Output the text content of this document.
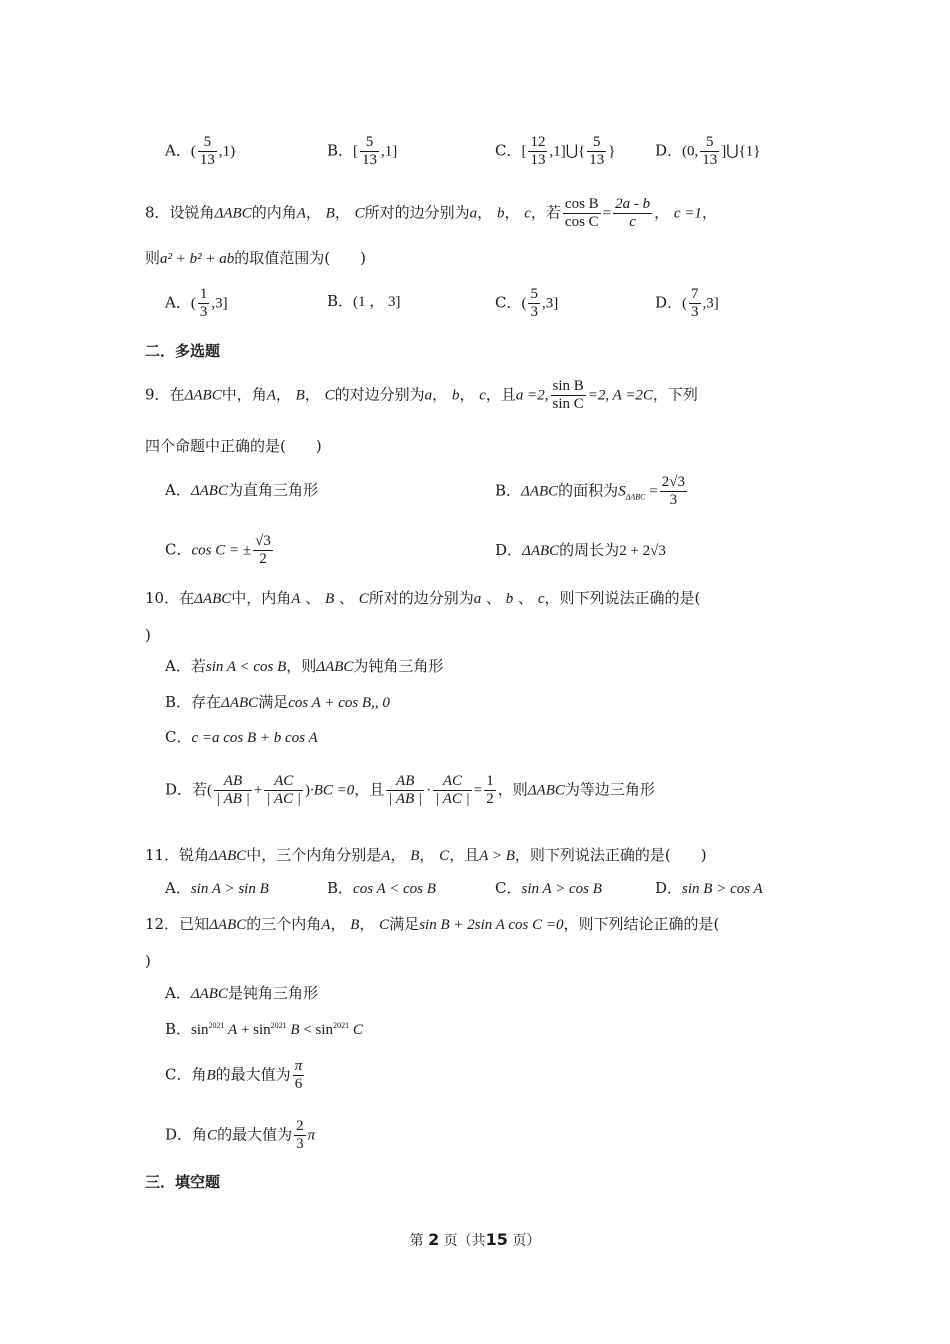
A．( $\frac{5}{13} ,1$)	B．[ $\frac{5}{13} ,1$]	C．[ $\frac{12}{13}$ ,1]⋃{ $\frac{5}{13}$ }	D．(0, $\frac{5}{13}$ ]⋃{1}
8．设锐角ΔABC的内角A， B， C所对的边分别为a， b， c，若 $\frac{\text{cos B}}{\text{cos C}} = \frac{2a - b}{c}$ ， c =1，
则a² + b² + ab的取值范围为(　　)
A．( $\frac{1}{3} ,3$]	B．(1 ， 3]	C．( $\frac{5}{3} ,3$]	D．( $\frac{7}{3} ,3$]
二．多选题
9．在ΔABC中，角A， B， C的对边分别为a， b， c，且a =2, $\frac{\text{sin B}}{\text{sin C}} =2$, A =2C，下列
四个命题中正确的是(　　)
A．ΔABC为直角三角形	B．ΔABC的面积为$S_{\Delta ABC} = \frac{2√3}{3}$
C．cos C = ± $\frac{√3}{2}$	D．ΔABC的周长为2 + 2√3
10．在ΔABC中，内角A 、 B 、 C所对的边分别为a 、 b 、 c，则下列说法正确的是(
)
A．若sin A < cos B，则ΔABC为钝角三角形
B．存在ΔABC满足cos A + cos B,, 0
C．c =a cos B + b cos A
D．若( $\frac{AB}{| AB |} + \frac{AC}{| AC |} )\cdot BC =0$，且 $\frac{AB}{| AB |} \cdot \frac{AC}{| AC |} = \frac{1}{2}$ ，则ΔABC为等边三角形
11．锐角ΔABC中，三个内角分别是A， B， C，且A > B，则下列说法正确的是(　　)
A．sin A > sin B	B．cos A < cos B	C．sin A > cos B	D．sin B > cos A
12．已知ΔABC的三个内角A， B， C满足sin B + 2sin A cos C =0，则下列结论正确的是(
)
A．ΔABC是钝角三角形
B．$\sin^{2021} A + \sin^{2021} B < \sin^{2021} C$
C．角B的最大值为 $\frac{\pi}{6}$
D．角C的最大值为 $\frac{2}{3}$ π
三．填空题
第 2 页（共15 页）
